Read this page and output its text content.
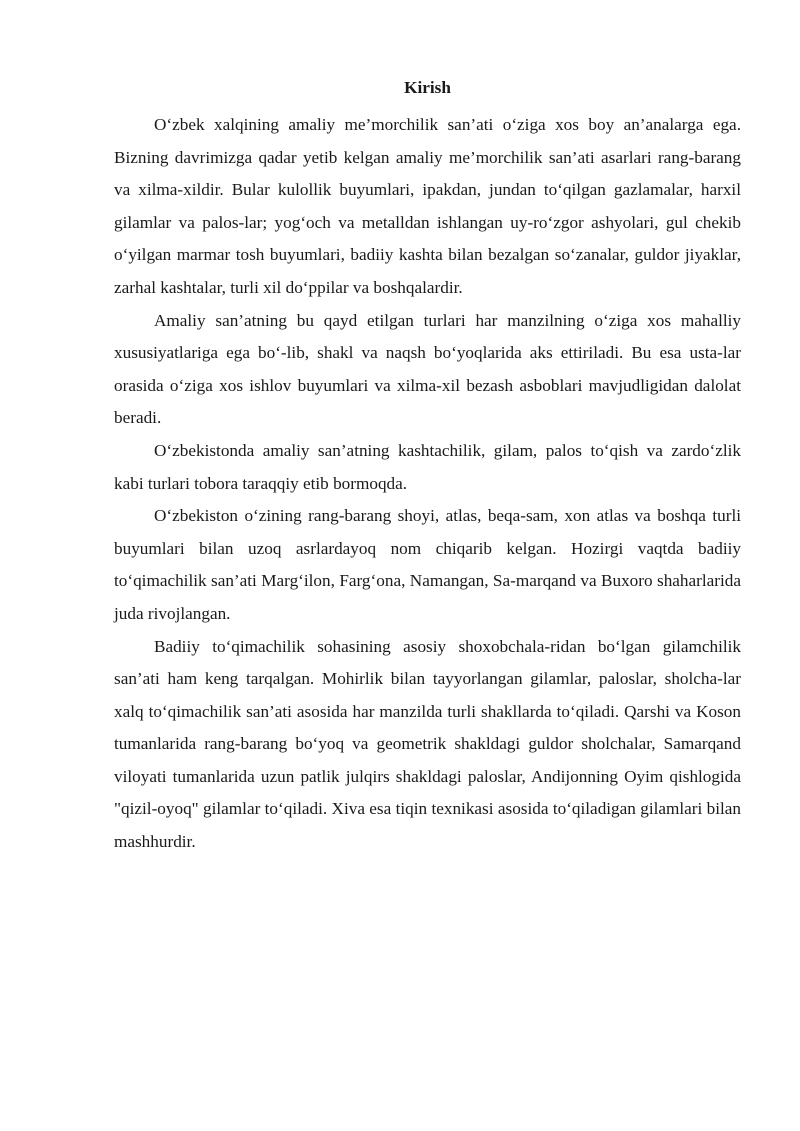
Kirish

O‘zbek xalqining amaliy me’morchilik san’ati o‘ziga xos boy an’analarga ega. Bizning davrimizga qadar yetib kelgan amaliy me’morchilik san’ati asarlari rang-barang va xilma-xildir. Bular kulollik buyumlari, ipakdan, jundan to‘qilgan gazlamalar, harxil gilamlar va palos-lar; yog‘och va metalldan ishlangan uy-ro‘zgor ashyolari, gul chekib o‘yilgan marmar tosh buyumlari, badiiy kashta bilan bezalgan so‘zanalar, guldor jiyaklar, zarhal kashtalar, turli xil do‘ppilar va boshqalardir.

Amaliy san’atning bu qayd etilgan turlari har manzilning o‘ziga xos mahalliy xususiyatlariga ega bo‘-lib, shakl va naqsh bo‘yoqlarida aks ettiriladi. Bu esa usta-lar orasida o‘ziga xos ishlov buyumlari va xilma-xil bezash asboblari mavjudligidan dalolat beradi.

O‘zbekistonda amaliy san’atning kashtachilik, gilam, palos to‘qish va zardo‘zlik kabi turlari tobora taraqqiy etib bormoqda.

O‘zbekiston o‘zining rang-barang shoyi, atlas, beqa-sam, xon atlas va boshqa turli buyumlari bilan uzoq asrlardayoq nom chiqarib kelgan. Hozirgi vaqtda badiiy to‘qimachilik san’ati Marg‘ilon, Farg‘ona, Namangan, Sa-marqand va Buxoro shaharlarida juda rivojlangan.

Badiiy to‘qimachilik sohasining asosiy shoxobchala-ridan bo‘lgan gilamchilik san’ati ham keng tarqalgan. Mohirlik bilan tayyorlangan gilamlar, paloslar, sholcha-lar xalq to‘qimachilik san’ati asosida har manzilda turli shakllarda to‘qiladi. Qarshi va Koson tumanlarida rang-barang bo‘yoq va geometrik shakldagi guldor sholchalar, Samarqand viloyati tumanlarida uzun patlik julqirs shakldagi paloslar, Andijonning Oyim qishlogida "qizil-oyoq" gilamlar to‘qiladi. Xiva esa tiqin texnikasi asosida to‘qiladigan gilamlari bilan mashhurdir.
